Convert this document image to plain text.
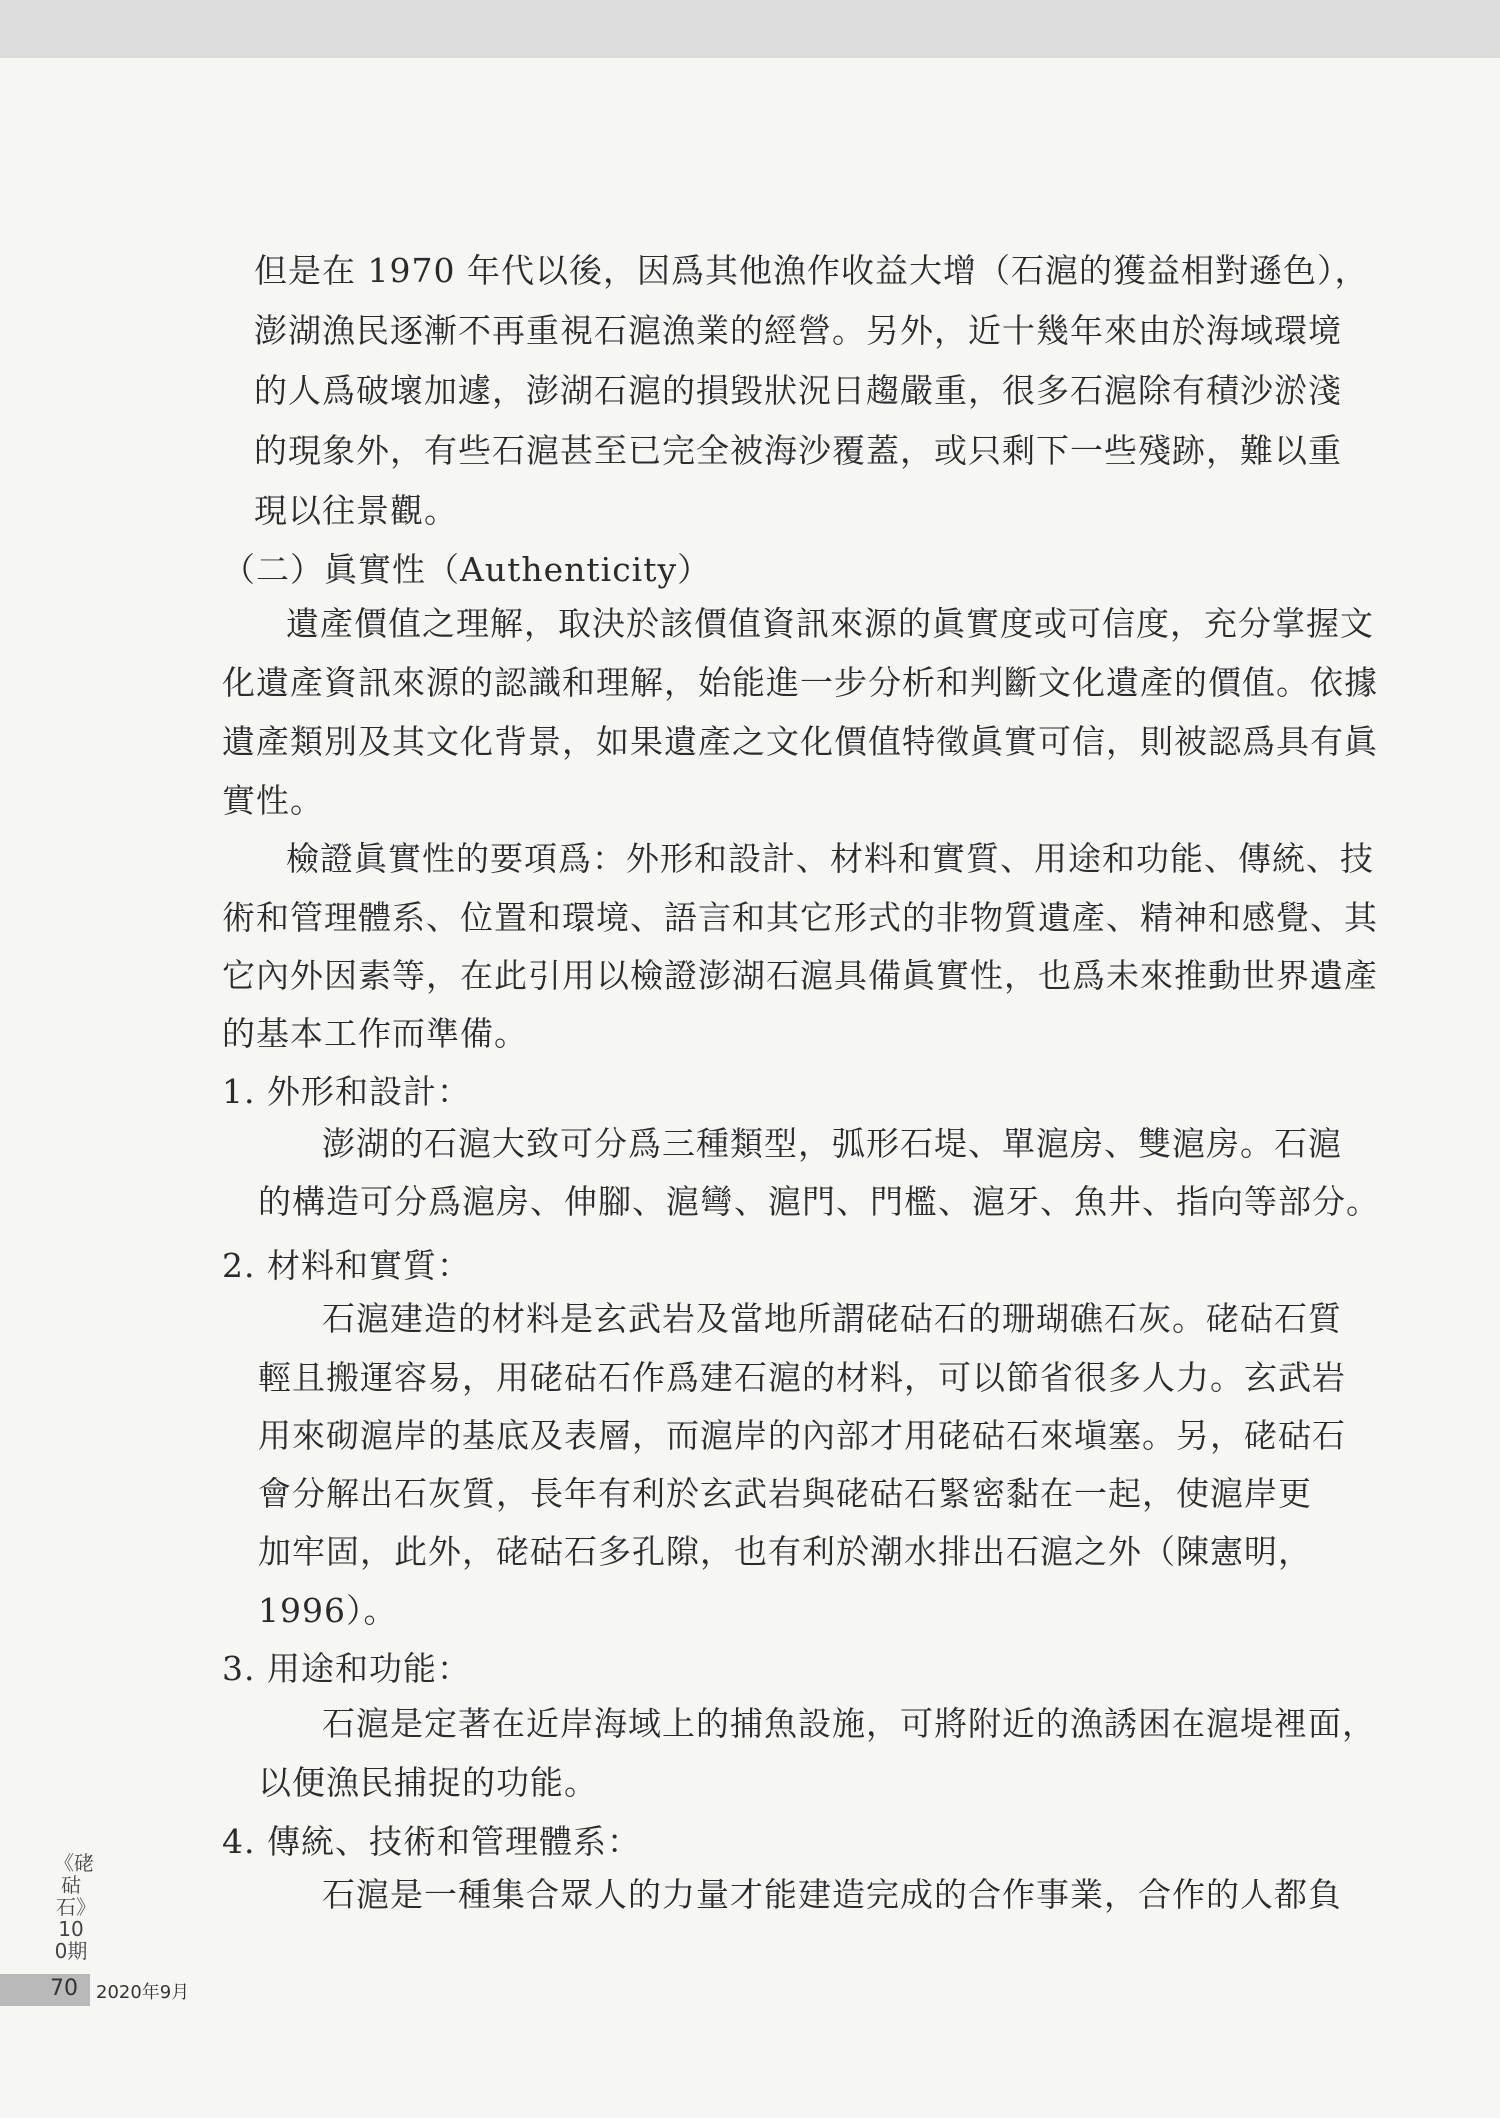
但是在 1970 年代以後，因爲其他漁作收益大增（石滬的獲益相對遜色），
澎湖漁民逐漸不再重視石滬漁業的經營。另外，近十幾年來由於海域環境
的人爲破壞加遽，澎湖石滬的損毀狀況日趨嚴重，很多石滬除有積沙淤淺
的現象外，有些石滬甚至已完全被海沙覆蓋，或只剩下一些殘跡，難以重
現以往景觀。
（二）眞實性（Authenticity）
遺產價值之理解，取決於該價值資訊來源的眞實度或可信度，充分掌握文
化遺產資訊來源的認識和理解，始能進一步分析和判斷文化遺產的價值。依據
遺產類別及其文化背景，如果遺產之文化價值特徵眞實可信，則被認爲具有眞
實性。
檢證眞實性的要項爲：外形和設計、材料和實質、用途和功能、傳統、技
術和管理體系、位置和環境、語言和其它形式的非物質遺產、精神和感覺、其
它內外因素等，在此引用以檢證澎湖石滬具備眞實性，也爲未來推動世界遺產
的基本工作而準備。
1. 外形和設計：
澎湖的石滬大致可分爲三種類型，弧形石堤、單滬房、雙滬房。石滬
的構造可分爲滬房、伸腳、滬彎、滬門、門檻、滬牙、魚井、指向等部分。
2. 材料和實質：
石滬建造的材料是玄武岩及當地所謂硓𥑮石的珊瑚礁石灰。硓𥑮石質
輕且搬運容易，用硓𥑮石作爲建石滬的材料，可以節省很多人力。玄武岩
用來砌滬岸的基底及表層，而滬岸的內部才用硓𥑮石來塡塞。另，硓𥑮石
會分解出石灰質，長年有利於玄武岩與硓𥑮石緊密黏在一起，使滬岸更
加牢固，此外，硓𥑮石多孔隙，也有利於潮水排出石滬之外（陳憲明，
1996）。
3. 用途和功能：
石滬是定著在近岸海域上的捕魚設施，可將附近的漁誘困在滬堤裡面，
以便漁民捕捉的功能。
4. 傳統、技術和管理體系：
石滬是一種集合眾人的力量才能建造完成的合作事業，合作的人都負
《硓𥑮石》100期
70 2020年9月
